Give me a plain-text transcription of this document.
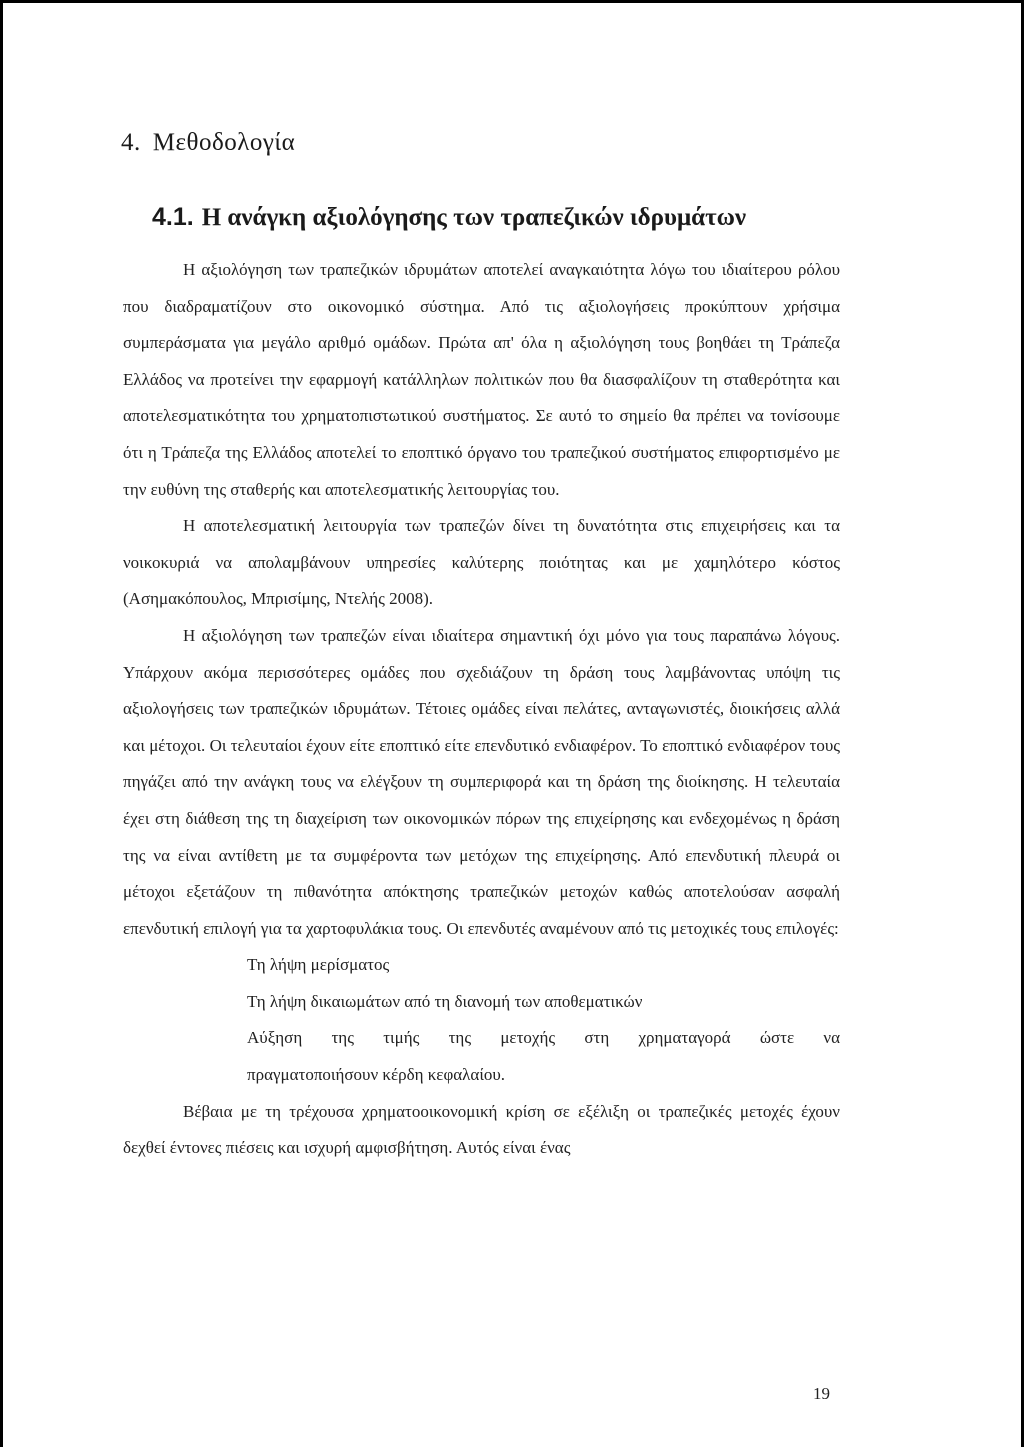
4. Μεθοδολογία
4.1. Η ανάγκη αξιολόγησης των τραπεζικών ιδρυμάτων

Η αξιολόγηση των τραπεζικών ιδρυμάτων αποτελεί αναγκαιότητα λόγω του ιδιαίτερου ρόλου που διαδραματίζουν στο οικονομικό σύστημα. Από τις αξιολογήσεις προκύπτουν χρήσιμα συμπεράσματα για μεγάλο αριθμό ομάδων. Πρώτα απ' όλα η αξιολόγηση τους βοηθάει τη Τράπεζα Ελλάδος να προτείνει την εφαρμογή κατάλληλων πολιτικών που θα διασφαλίζουν τη σταθερότητα και αποτελεσματικότητα του χρηματοπιστωτικού συστήματος. Σε αυτό το σημείο θα πρέπει να τονίσουμε ότι η Τράπεζα της Ελλάδος αποτελεί το εποπτικό όργανο του τραπεζικού συστήματος επιφορτισμένο με την ευθύνη της σταθερής και αποτελεσματικής λειτουργίας του.

Η αποτελεσματική λειτουργία των τραπεζών δίνει τη δυνατότητα στις επιχειρήσεις και τα νοικοκυριά να απολαμβάνουν υπηρεσίες καλύτερης ποιότητας και με χαμηλότερο κόστος (Ασημακόπουλος, Μπρισίμης, Ντελής 2008).

Η αξιολόγηση των τραπεζών είναι ιδιαίτερα σημαντική όχι μόνο για τους παραπάνω λόγους. Υπάρχουν ακόμα περισσότερες ομάδες που σχεδιάζουν τη δράση τους λαμβάνοντας υπόψη τις αξιολογήσεις των τραπεζικών ιδρυμάτων. Τέτοιες ομάδες είναι πελάτες, ανταγωνιστές, διοικήσεις αλλά και μέτοχοι. Οι τελευταίοι έχουν είτε εποπτικό είτε επενδυτικό ενδιαφέρον. Το εποπτικό ενδιαφέρον τους πηγάζει από την ανάγκη τους να ελέγξουν τη συμπεριφορά και τη δράση της διοίκησης. Η τελευταία έχει στη διάθεση της τη διαχείριση των οικονομικών πόρων της επιχείρησης και ενδεχομένως η δράση της να είναι αντίθετη με τα συμφέροντα των μετόχων της επιχείρησης. Από επενδυτική πλευρά οι μέτοχοι εξετάζουν τη πιθανότητα απόκτησης τραπεζικών μετοχών καθώς αποτελούσαν ασφαλή επενδυτική επιλογή για τα χαρτοφυλάκια τους. Οι επενδυτές αναμένουν από τις μετοχικές τους επιλογές:

Τη λήψη μερίσματος
Τη λήψη δικαιωμάτων από τη διανομή των αποθεματικών
Αύξηση της τιμής της μετοχής στη χρηματαγορά ώστε να
πραγματοποιήσουν κέρδη κεφαλαίου.

Βέβαια με τη τρέχουσα χρηματοοικονομική κρίση σε εξέλιξη οι τραπεζικές μετοχές έχουν δεχθεί έντονες πιέσεις και ισχυρή αμφισβήτηση. Αυτός είναι ένας

19
